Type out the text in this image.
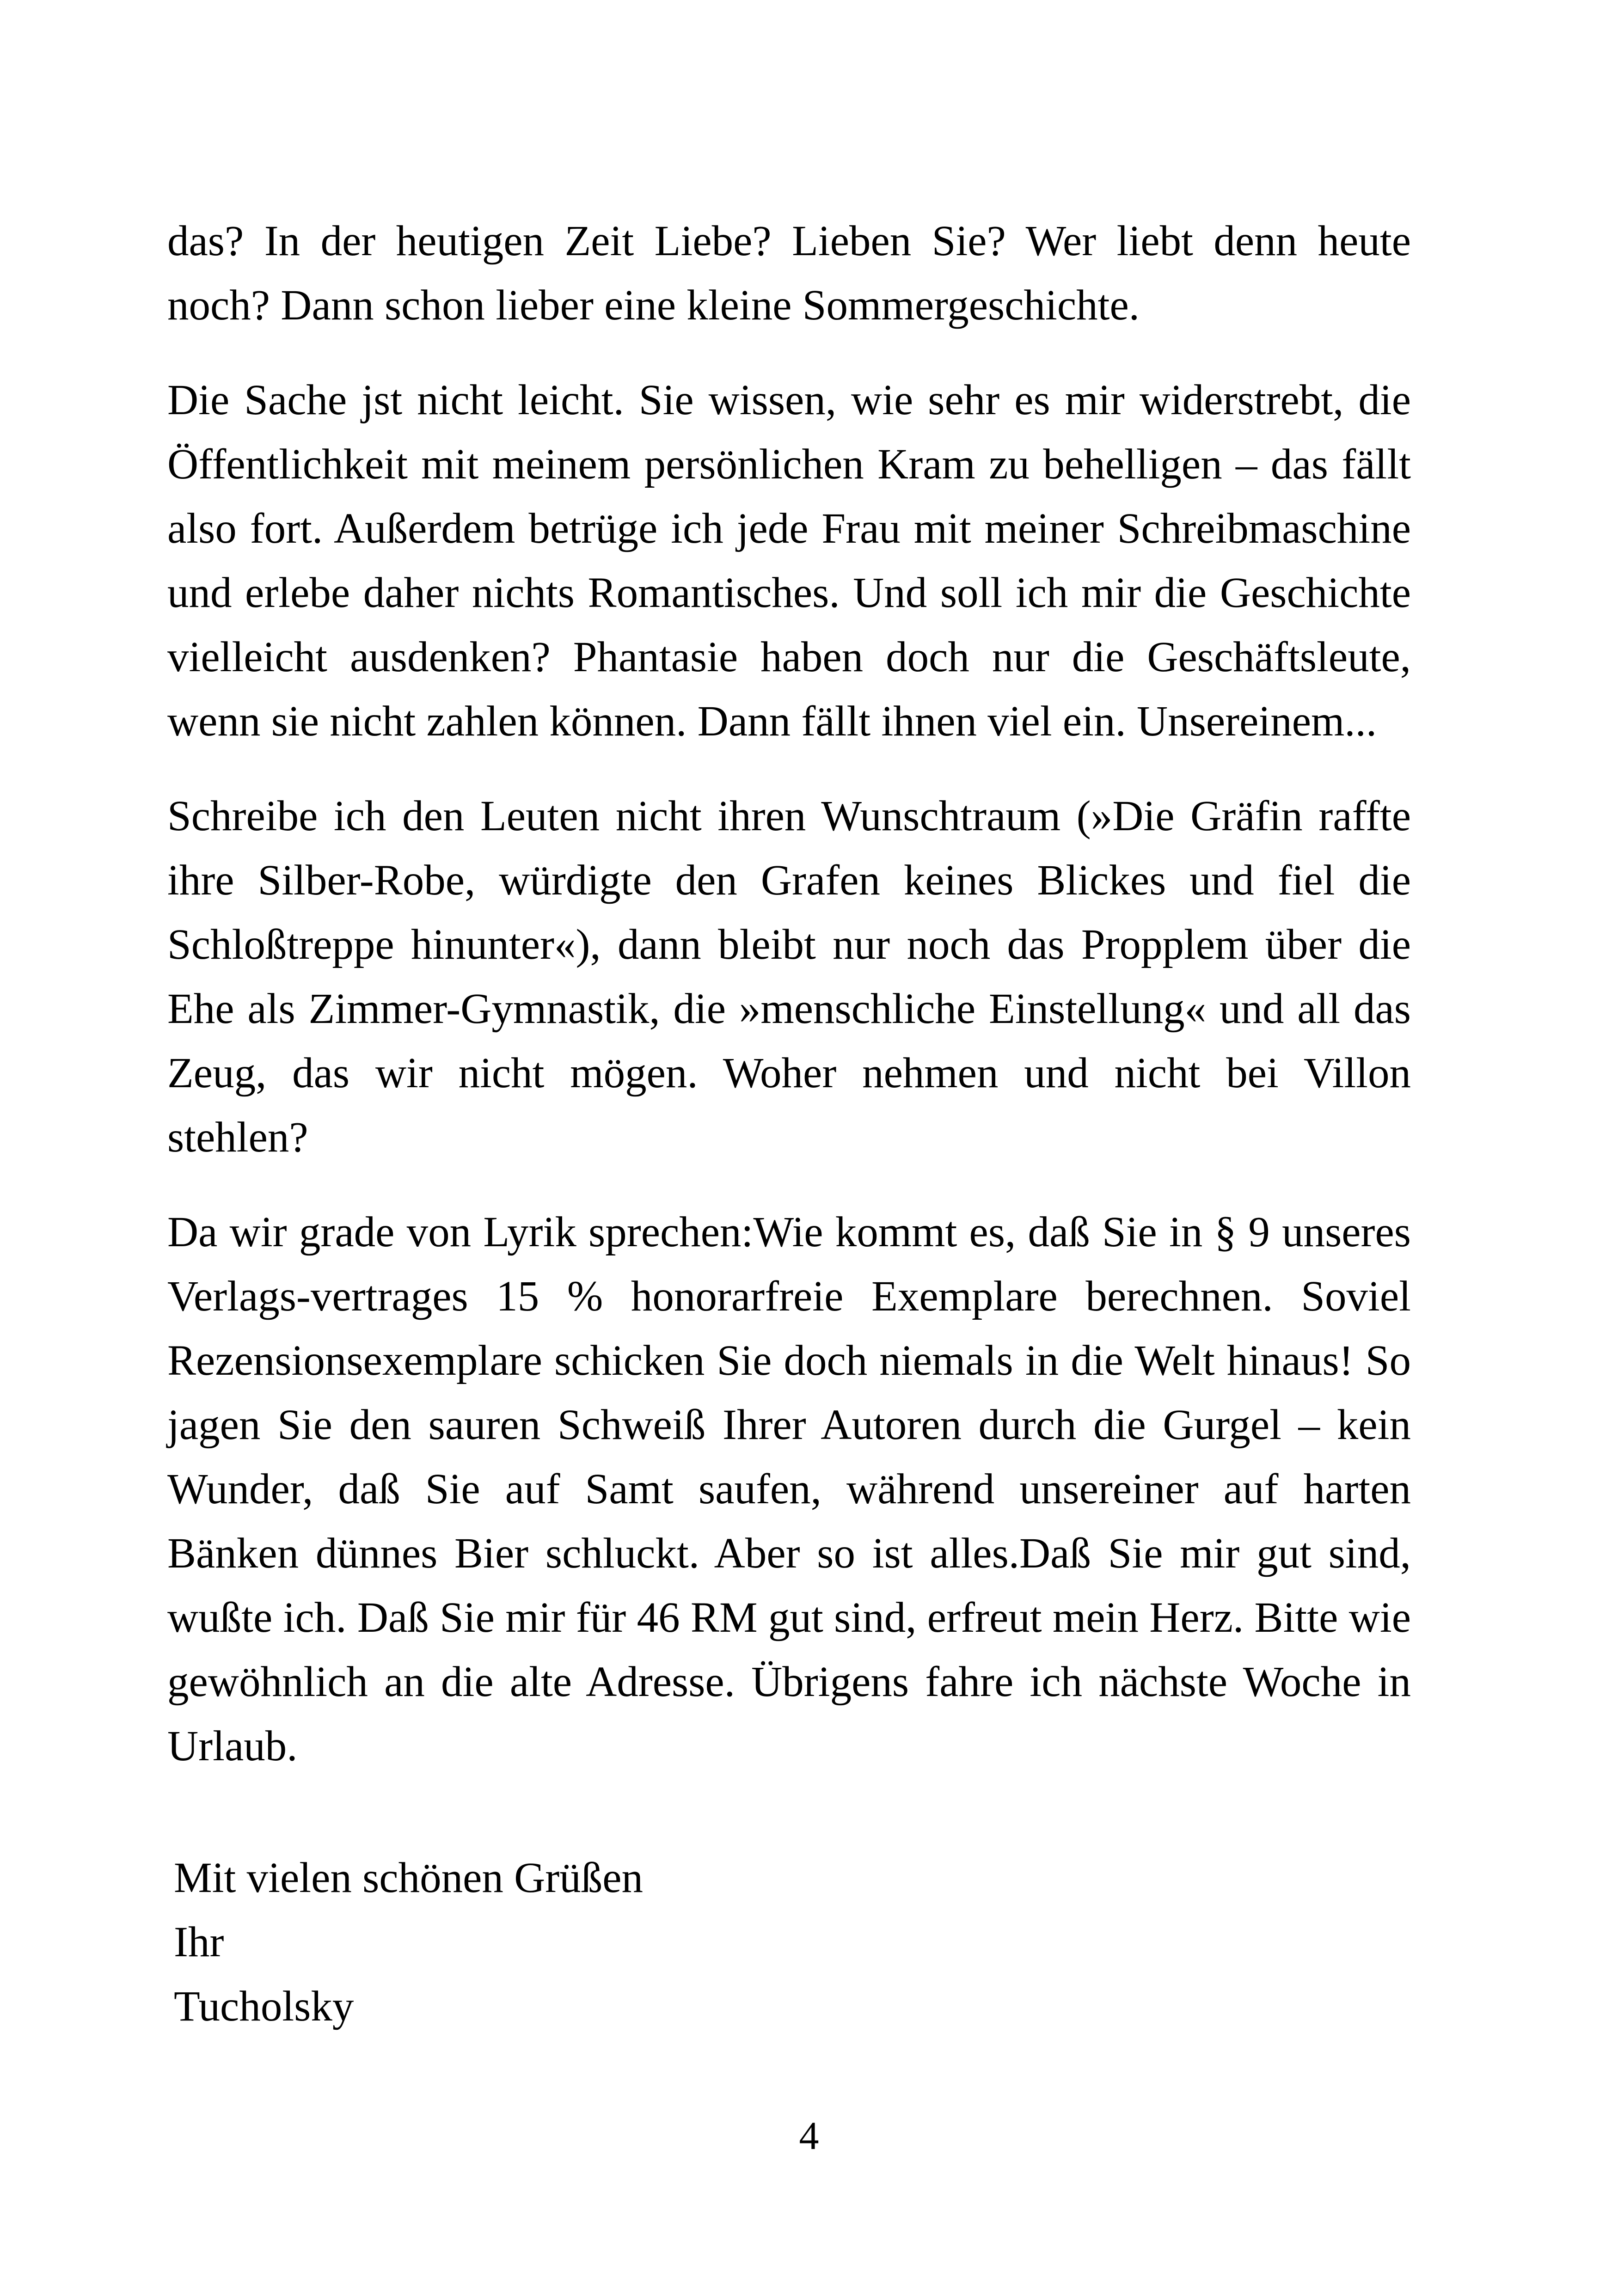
das? In der heutigen Zeit Liebe? Lieben Sie? Wer liebt denn heute noch? Dann schon lieber eine kleine Sommergeschichte.

Die Sache jst nicht leicht. Sie wissen, wie sehr es mir widerstrebt, die Öffentlichkeit mit meinem persönlichen Kram zu behelligen – das fällt also fort. Außerdem betrüge ich jede Frau mit meiner Schreibmaschine und erlebe daher nichts Romantisches. Und soll ich mir die Geschichte vielleicht ausdenken? Phantasie haben doch nur die Geschäftsleute, wenn sie nicht zahlen können. Dann fällt ihnen viel ein. Unsereinem...

Schreibe ich den Leuten nicht ihren Wunschtraum (»Die Gräfin raffte ihre Silber-Robe, würdigte den Grafen keines Blickes und fiel die Schloßtreppe hinunter«), dann bleibt nur noch das Propplem über die Ehe als Zimmer-Gymnastik, die »menschliche Einstellung« und all das Zeug, das wir nicht mögen. Woher nehmen und nicht bei Villon stehlen?

Da wir grade von Lyrik sprechen:Wie kommt es, daß Sie in § 9 unseres Verlags-vertrages 15 % honorarfreie Exemplare berechnen. Soviel Rezensionsexemplare schicken Sie doch niemals in die Welt hinaus! So jagen Sie den sauren Schweiß Ihrer Autoren durch die Gurgel – kein Wunder, daß Sie auf Samt saufen, während unsereiner auf harten Bänken dünnes Bier schluckt. Aber so ist alles.Daß Sie mir gut sind, wußte ich. Daß Sie mir für 46 RM gut sind, erfreut mein Herz. Bitte wie gewöhnlich an die alte Adresse. Übrigens fahre ich nächste Woche in Urlaub.

Mit vielen schönen Grüßen
Ihr
Tucholsky
4
